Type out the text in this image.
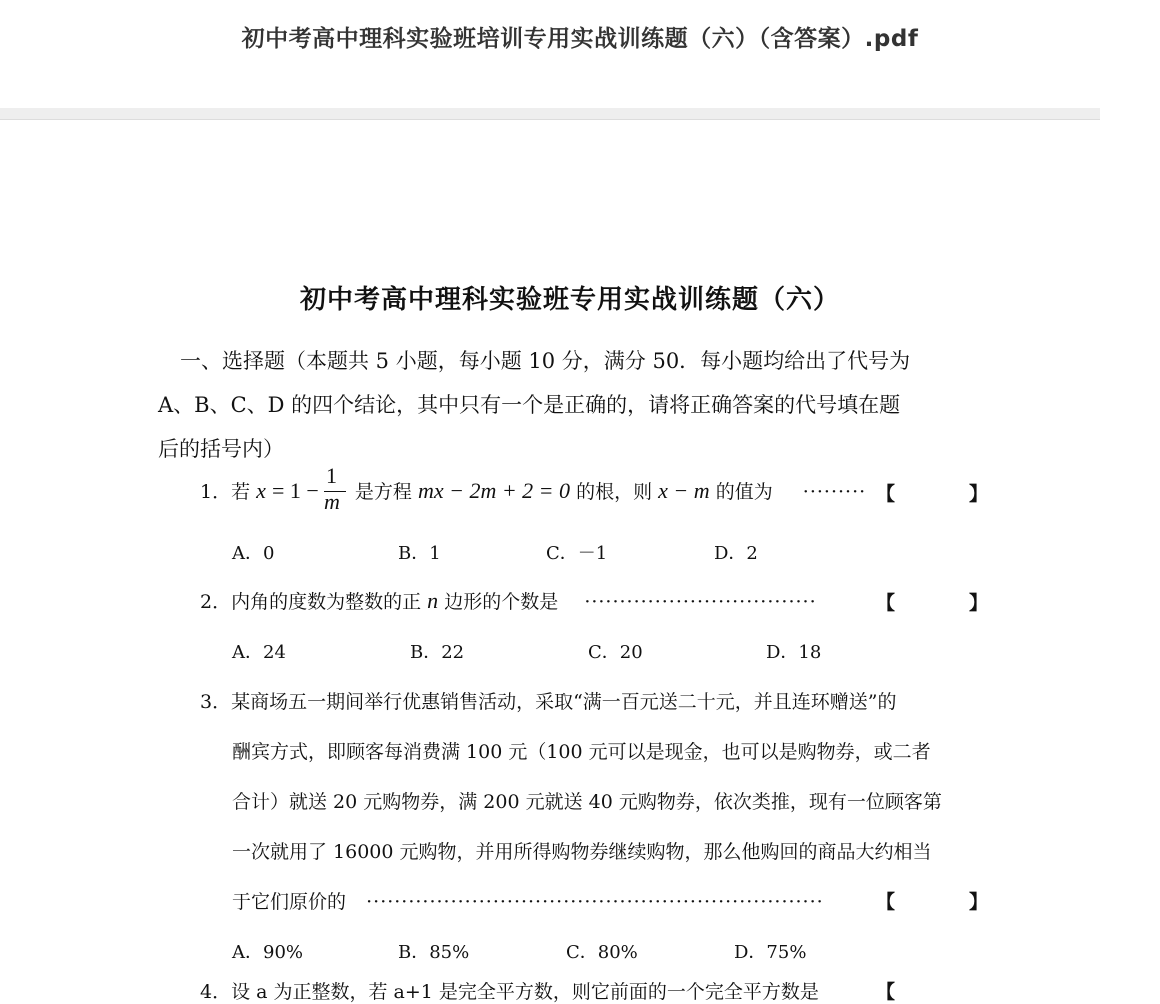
初中考高中理科实验班培训专用实战训练题（六）（含答案）.pdf
初中考高中理科实验班专用实战训练题（六）
一、选择题（本题共 5 小题，每小题 10 分，满分 50．每小题均给出了代号为
A、B、C、D 的四个结论，其中只有一个是正确的，请将正确答案的代号填在题
后的括号内）
1．若 x = 1 − 是方程 mx − 2m + 2 = 0 的根，则 x − m 的值为 ·········
1
m	【	】
A．0	B．1	C．－1	D．2
2．内角的度数为整数的正 n 边形的个数是 ·································	【	】
A．24	B．22	C．20	D．18
3．某商场五一期间举行优惠销售活动，采取“满一百元送二十元，并且连环赠送”的
酬宾方式，即顾客每消费满 100 元（100 元可以是现金，也可以是购物券，或二者
合计）就送 20 元购物券，满 200 元就送 40 元购物券，依次类推，现有一位顾客第
一次就用了 16000 元购物，并用所得购物券继续购物，那么他购回的商品大约相当
于它们原价的 ·································································	【	】
A．90%	B．85%	C．80%	D．75%
4．设 a 为正整数，若 a+1 是完全平方数，则它前面的一个完全平方数是	【
